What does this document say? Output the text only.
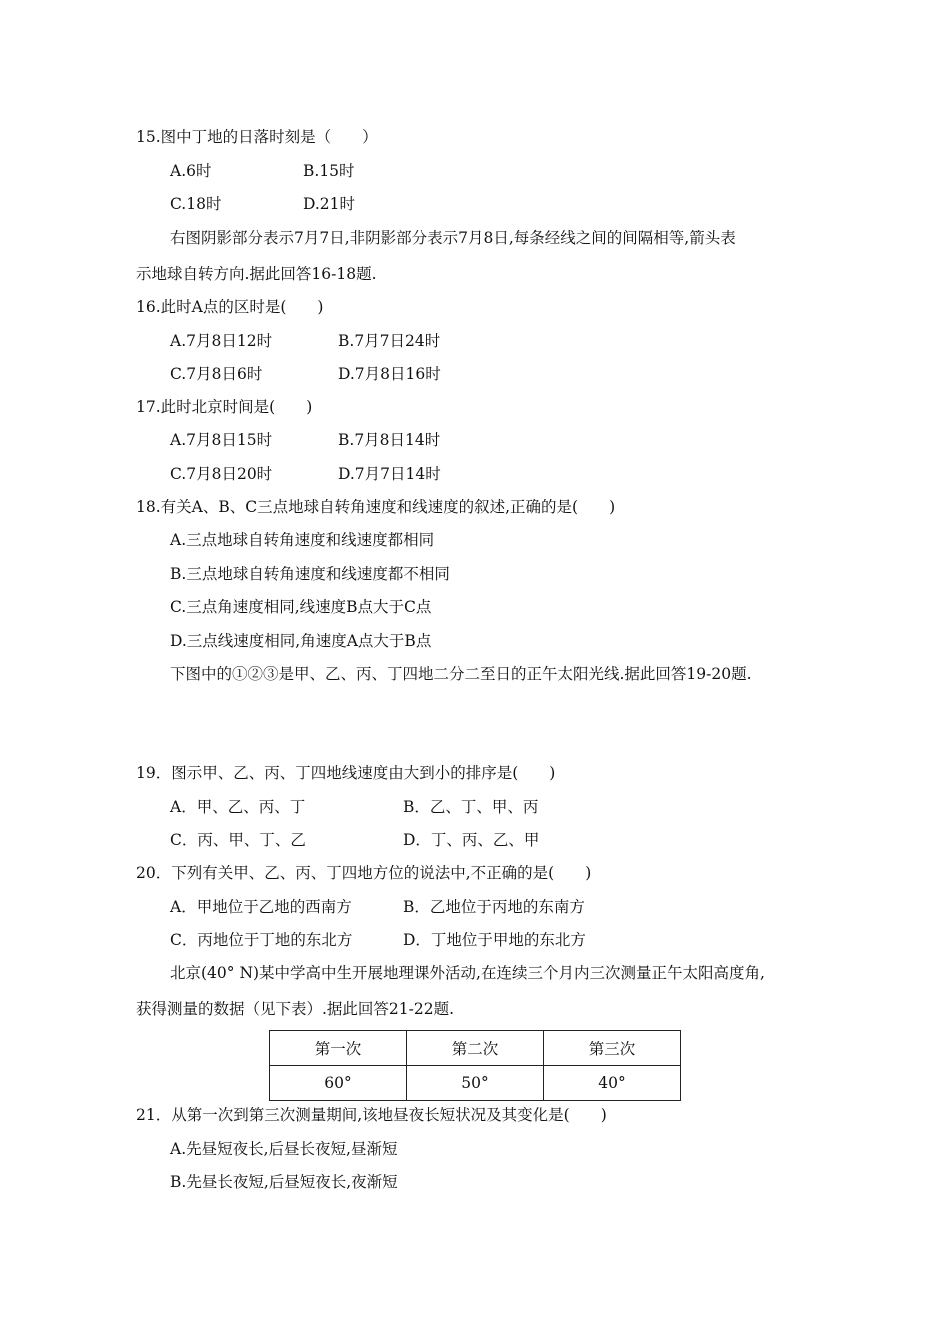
15.图中丁地的日落时刻是（　　）
A.6时	B.15时
C.18时	D.21时
右图阴影部分表示7月7日,非阴影部分表示7月8日,每条经线之间的间隔相等,箭头表
示地球自转方向.据此回答16-18题.
16.此时A点的区时是(　　)
A.7月8日12时	B.7月7日24时
C.7月8日6时	D.7月8日16时
17.此时北京时间是(　　)
A.7月8日15时	B.7月8日14时
C.7月8日20时	D.7月7日14时
18.有关A、B、C三点地球自转角速度和线速度的叙述,正确的是(　　)
A.三点地球自转角速度和线速度都相同
B.三点地球自转角速度和线速度都不相同
C.三点角速度相同,线速度B点大于C点
D.三点线速度相同,角速度A点大于B点
下图中的①②③是甲、乙、丙、丁四地二分二至日的正午太阳光线.据此回答19-20题.
19．图示甲、乙、丙、丁四地线速度由大到小的排序是(　　)
A．甲、乙、丙、丁	B．乙、丁、甲、丙
C．丙、甲、丁、乙	D．丁、丙、乙、甲
20．下列有关甲、乙、丙、丁四地方位的说法中,不正确的是(　　)
A．甲地位于乙地的西南方	B．乙地位于丙地的东南方
C．丙地位于丁地的东北方	D．丁地位于甲地的东北方
北京(40° N)某中学高中生开展地理课外活动,在连续三个月内三次测量正午太阳高度角,
获得测量的数据（见下表）.据此回答21-22题.
第一次	第二次	第三次
60°	50°	40°
21．从第一次到第三次测量期间,该地昼夜长短状况及其变化是(　　)
A.先昼短夜长,后昼长夜短,昼渐短
B.先昼长夜短,后昼短夜长,夜渐短
